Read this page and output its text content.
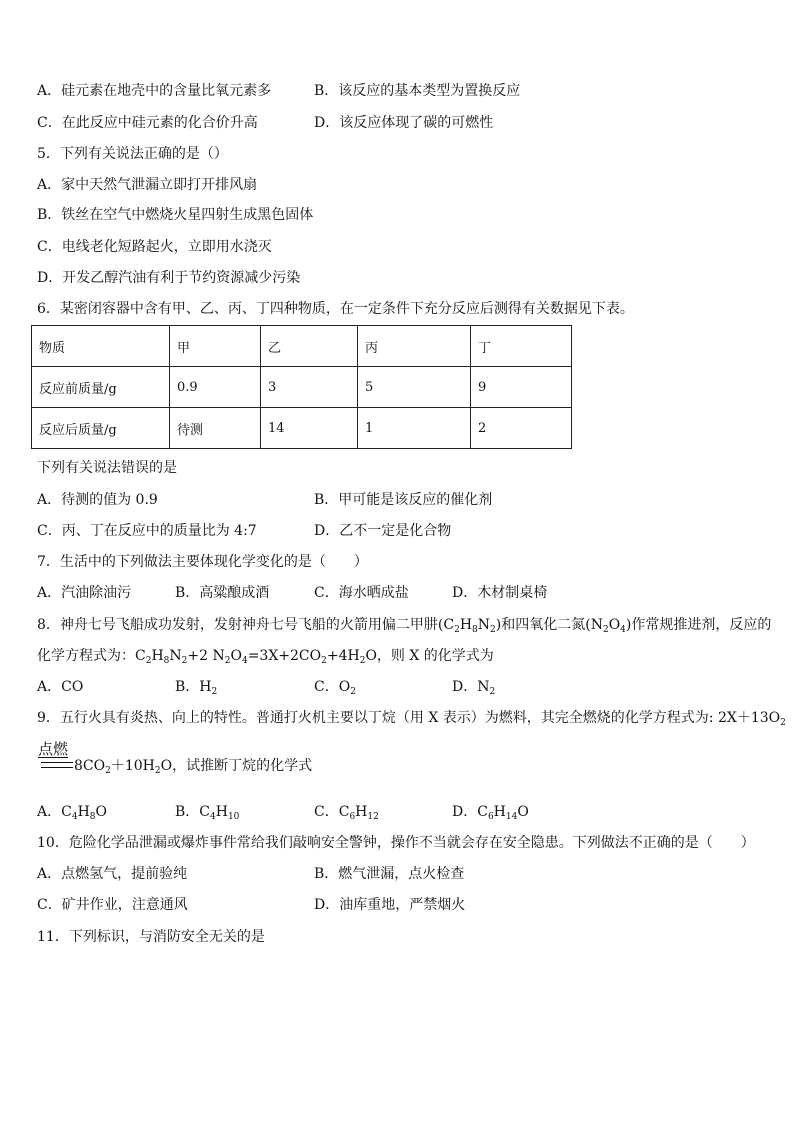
A．硅元素在地壳中的含量比氧元素多	B．该反应的基本类型为置换反应
C．在此反应中硅元素的化合价升高	D．该反应体现了碳的可燃性
5．下列有关说法正确的是（）
A．家中天然气泄漏立即打开排风扇
B．铁丝在空气中燃烧火星四射生成黑色固体
C．电线老化短路起火，立即用水浇灭
D．开发乙醇汽油有利于节约资源减少污染
6．某密闭容器中含有甲、乙、丙、丁四种物质，在一定条件下充分反应后测得有关数据见下表。
物质	甲	乙	丙	丁
反应前质量/g	0.9	3	5	9
反应后质量/g	待测	14	1	2
下列有关说法错误的是
A．待测的值为 0.9	B．甲可能是该反应的催化剂
C．丙、丁在反应中的质量比为 4:7	D．乙不一定是化合物
7．生活中的下列做法主要体现化学变化的是（　　）
A．汽油除油污	B．高粱酿成酒	C．海水晒成盐	D．木材制桌椅
8．神舟七号飞船成功发射，发射神舟七号飞船的火箭用偏二甲肼$(C_2H_8N_2)$和四氧化二氮$(N_2O_4)$作常规推进剂，反应的
化学方程式为：$C_2H_8N_2+2$ $N_2O_4=3X+2CO_2+4H_2O$，则 X 的化学式为
A．CO	B．$H_2$	C．$O_2$	D．$N_2$
9．五行火具有炎热、向上的特性。普通打火机主要以丁烷（用 X 表示）为燃料，其完全燃烧的化学方程式为: $2X+13O_2$
点燃
$8CO_2+10H_2O$，试推断丁烷的化学式
A．$C_4H_8O$	B．$C_4H_{10}$	C．$C_6H_{12}$	D．$C_6H_{14}O$
10．危险化学品泄漏或爆炸事件常给我们敲响安全警钟，操作不当就会存在安全隐患。下列做法不正确的是（　　）
A．点燃氢气，提前验纯	B．燃气泄漏，点火检查
C．矿井作业，注意通风	D．油库重地，严禁烟火
11．下列标识，与消防安全无关的是
